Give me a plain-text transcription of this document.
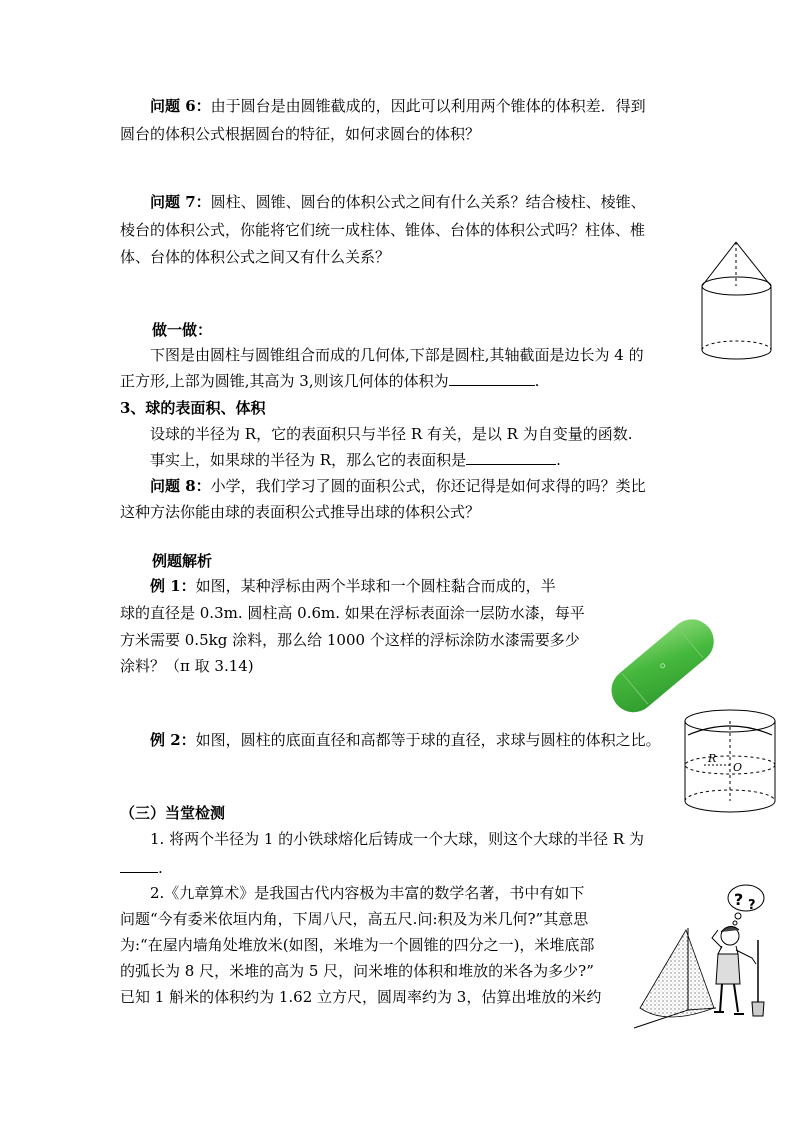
问题 6：由于圆台是由圆锥截成的，因此可以利用两个锥体的体积差．得到
圆台的体积公式根据圆台的特征，如何求圆台的体积？
问题 7：圆柱、圆锥、圆台的体积公式之间有什么关系？结合棱柱、棱锥、
棱台的体积公式，你能将它们统一成柱体、锥体、台体的体积公式吗？柱体、椎
体、台体的体积公式之间又有什么关系？
做一做：
下图是由圆柱与圆锥组合而成的几何体,下部是圆柱,其轴截面是边长为 4 的
正方形,上部为圆锥,其高为 3,则该几何体的体积为	.
3、球的表面积、体积
设球的半径为 R，它的表面积只与半径 R 有关，是以 R 为自变量的函数.
事实上，如果球的半径为 R，那么它的表面积是	.
问题 8：小学，我们学习了圆的面积公式，你还记得是如何求得的吗？类比
这种方法你能由球的表面积公式推导出球的体积公式？
例题解析
例 1：如图，某种浮标由两个半球和一个圆柱黏合而成的，半
球的直径是 0.3m. 圆柱高 0.6m. 如果在浮标表面涂一层防水漆，每平
方米需要 0.5kg 涂料，那么给 1000 个这样的浮标涂防水漆需要多少
涂料？（π 取 3.14)
例 2：如图，圆柱的底面直径和高都等于球的直径，求球与圆柱的体积之比。
R
O
（三）当堂检测
1. 将两个半径为 1 的小铁球熔化后铸成一个大球，则这个大球的半径 R 为
.
2.《九章算术》是我国古代内容极为丰富的数学名著，书中有如下
问题“今有委米依垣内角，下周八尺，高五尺.问:积及为米几何?”其意思
为:“在屋内墙角处堆放米(如图，米堆为一个圆锥的四分之一)，米堆底部
的弧长为 8 尺，米堆的高为 5 尺，问米堆的体积和堆放的米各为多少?”
已知 1 斛米的体积约为 1.62 立方尺，圆周率约为 3，估算出堆放的米约
? ?
